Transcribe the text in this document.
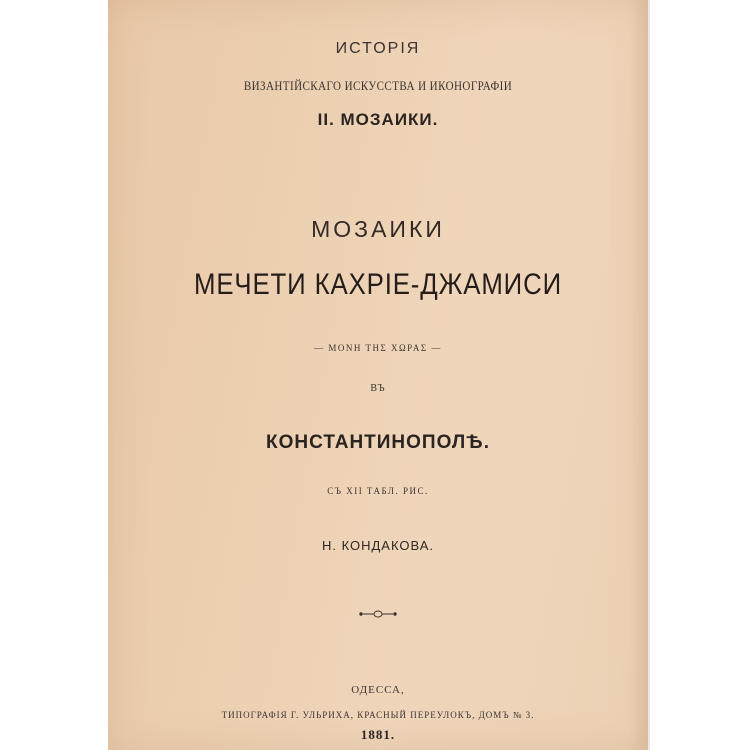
ИСТОРІЯ
ВИЗАНТІЙСКАГО ИСКУССТВА И ИКОНОГРАФІИ
II. МОЗАИКИ.
МОЗАИКИ
МЕЧЕТИ КАХРІЕ-ДЖАМИСИ
— ΜΟΝΗ ΤΗΣ ΧΩΡΑΣ —
ВЪ
КОНСТАНТИНОПОЛѢ.
СЪ XII ТАБЛ. РИС.
Н. КОНДАКОВА.
ОДЕССА,
ТИПОГРАФІЯ Г. УЛЬРИХА, КРАСНЫЙ ПЕРЕУЛОКЪ, ДОМЪ № 3.
1881.
